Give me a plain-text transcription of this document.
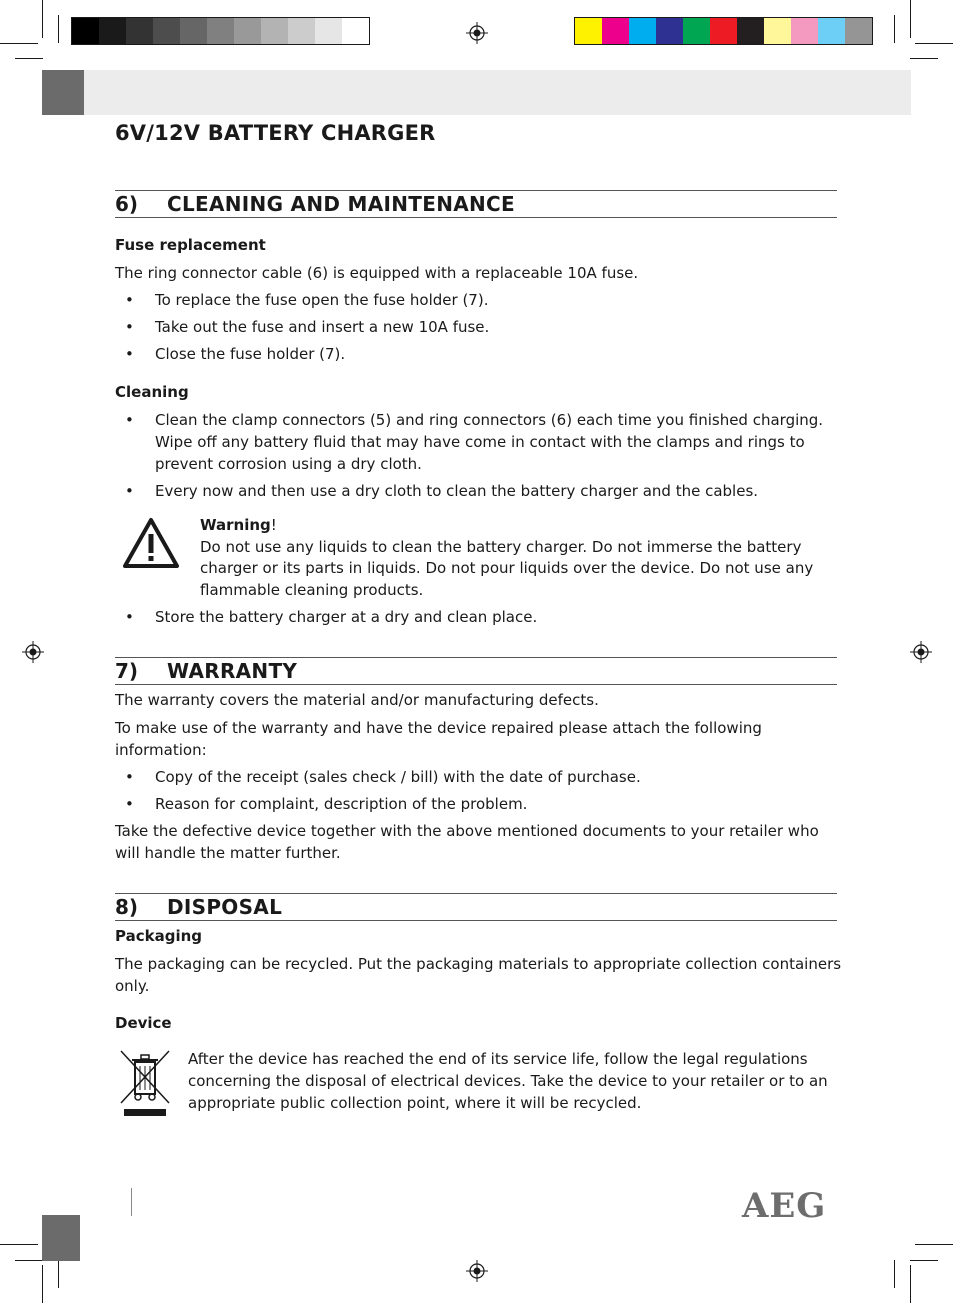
6V/12V BATTERY CHARGER
6) CLEANING AND MAINTENANCE
Fuse replacement
The ring connector cable (6) is equipped with a replaceable 10A fuse.
• To replace the fuse open the fuse holder (7).
• Take out the fuse and insert a new 10A fuse.
• Close the fuse holder (7).
Cleaning
• Clean the clamp connectors (5) and ring connectors (6) each time you finished charging. Wipe off any battery fluid that may have come in contact with the clamps and rings to prevent corrosion using a dry cloth.
• Every now and then use a dry cloth to clean the battery charger and the cables.
Warning!
Do not use any liquids to clean the battery charger. Do not immerse the battery charger or its parts in liquids. Do not pour liquids over the device. Do not use any flammable cleaning products.
• Store the battery charger at a dry and clean place.
7) WARRANTY
The warranty covers the material and/or manufacturing defects.
To make use of the warranty and have the device repaired please attach the following information:
• Copy of the receipt (sales check / bill) with the date of purchase.
• Reason for complaint, description of the problem.
Take the defective device together with the above mentioned documents to your retailer who will handle the matter further.
8) DISPOSAL
Packaging
The packaging can be recycled. Put the packaging materials to appropriate collection containers only.
Device
After the device has reached the end of its service life, follow the legal regulations concerning the disposal of electrical devices. Take the device to your retailer or to an appropriate public collection point, where it will be recycled.
AEG
